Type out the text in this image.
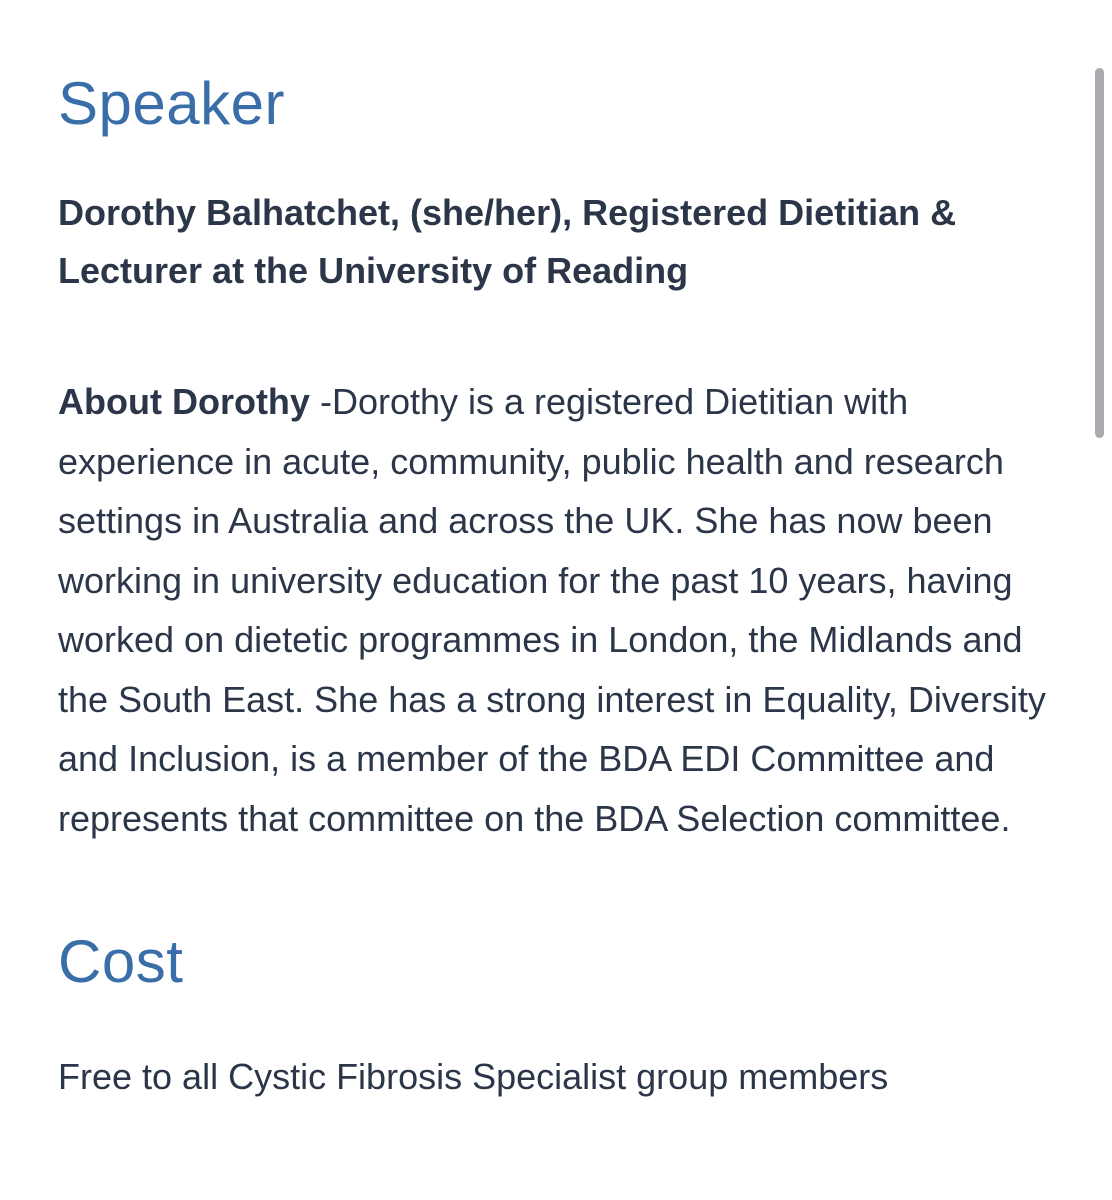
Speaker

Dorothy Balhatchet, (she/her), Registered Dietitian & Lecturer at the University of Reading

About Dorothy -Dorothy is a registered Dietitian with experience in acute, community, public health and research settings in Australia and across the UK. She has now been working in university education for the past 10 years, having worked on dietetic programmes in London, the Midlands and the South East. She has a strong interest in Equality, Diversity and Inclusion, is a member of the BDA EDI Committee and represents that committee on the BDA Selection committee.

Cost

Free to all Cystic Fibrosis Specialist group members
